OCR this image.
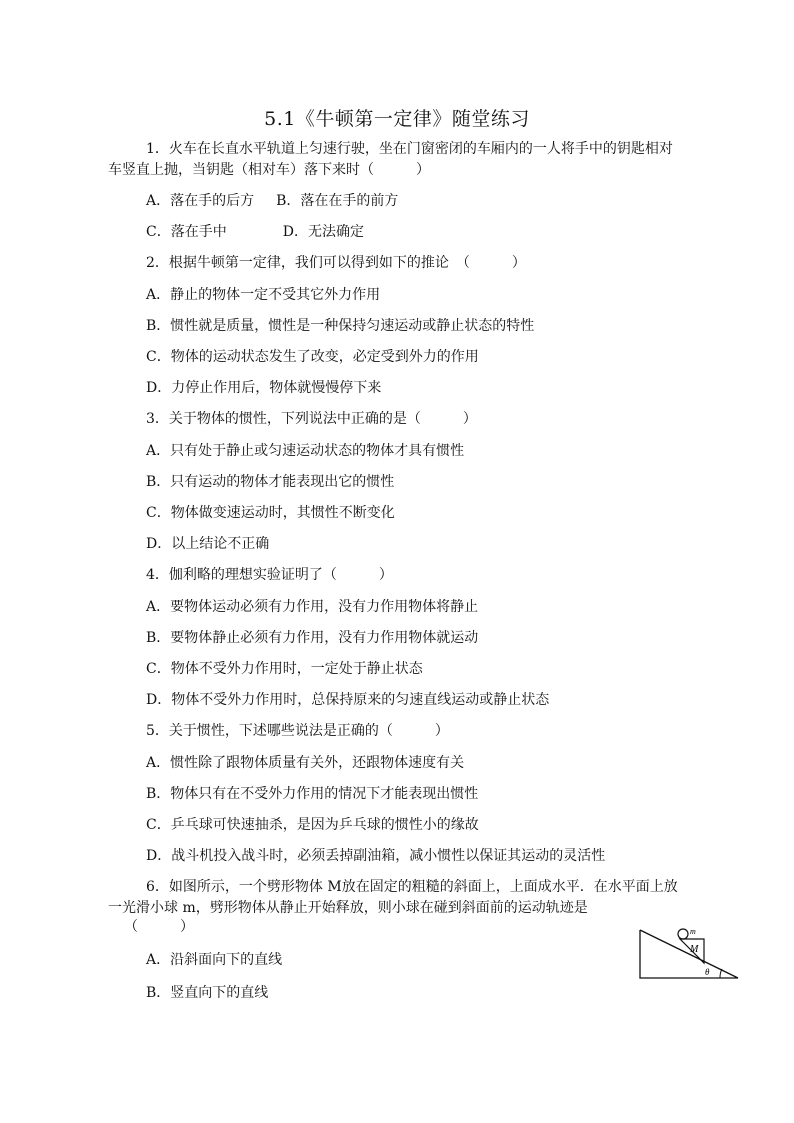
5.1《牛顿第一定律》随堂练习
1．火车在长直水平轨道上匀速行驶，坐在门窗密闭的车厢内的一人将手中的钥匙相对
车竖直上抛，当钥匙（相对车）落下来时（　　　）
A．落在手的后方 B．落在在手的前方
C．落在手中	D．无法确定
2．根据牛顿第一定律，我们可以得到如下的推论　（　　　）
A．静止的物体一定不受其它外力作用
B．惯性就是质量，惯性是一种保持匀速运动或静止状态的特性
C．物体的运动状态发生了改变，必定受到外力的作用
D．力停止作用后，物体就慢慢停下来
3．关于物体的惯性，下列说法中正确的是（　　　）
A．只有处于静止或匀速运动状态的物体才具有惯性
B．只有运动的物体才能表现出它的惯性
C．物体做变速运动时，其惯性不断变化
D．以上结论不正确
4．伽利略的理想实验证明了（　　　）
A．要物体运动必须有力作用，没有力作用物体将静止
B．要物体静止必须有力作用，没有力作用物体就运动
C．物体不受外力作用时，一定处于静止状态
D．物体不受外力作用时，总保持原来的匀速直线运动或静止状态
5．关于惯性，下述哪些说法是正确的（　　　）
A．惯性除了跟物体质量有关外，还跟物体速度有关
B．物体只有在不受外力作用的情况下才能表现出惯性
C．乒乓球可快速抽杀，是因为乒乓球的惯性小的缘故
D．战斗机投入战斗时，必须丢掉副油箱，减小惯性以保证其运动的灵活性
6．如图所示，一个劈形物体 M放在固定的粗糙的斜面上，上面成水平．在水平面上放
一光滑小球 m，劈形物体从静止开始释放，则小球在碰到斜面前的运动轨迹是
（　　　）
A．沿斜面向下的直线
B．竖直向下的直线
m
M
θ
